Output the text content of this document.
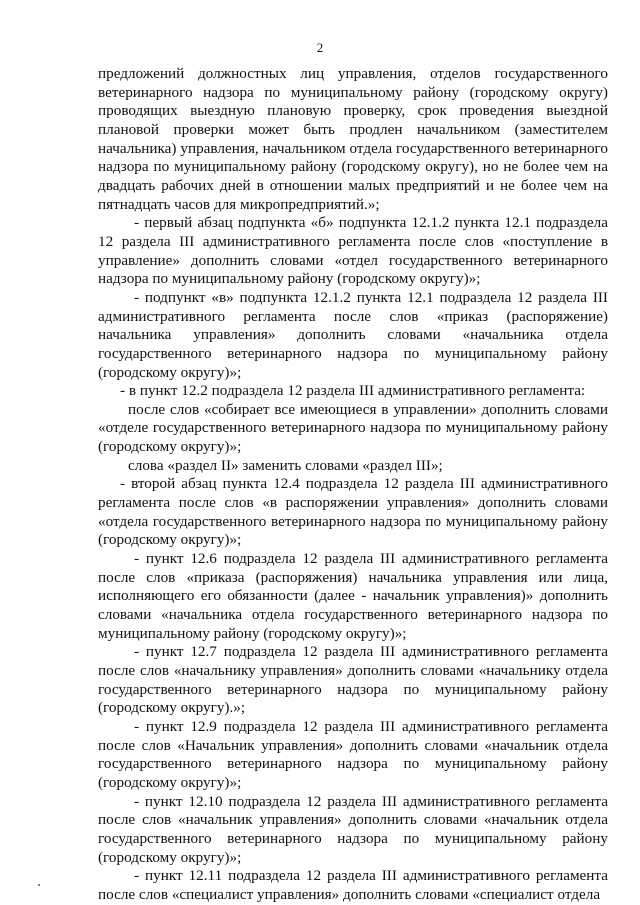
2

предложений должностных лиц управления, отделов государственного ветеринарного надзора по муниципальному району (городскому округу) проводящих выездную плановую проверку, срок проведения выездной плановой проверки может быть продлен начальником (заместителем начальника) управления, начальником отдела государственного ветеринарного надзора по муниципальному району (городскому округу), но не более чем на двадцать рабочих дней в отношении малых предприятий и не более чем на пятнадцать часов для микропредприятий.»;

- первый абзац подпункта «б» подпункта 12.1.2 пункта 12.1 подраздела 12 раздела III административного регламента после слов «поступление в управление» дополнить словами «отдел государственного ветеринарного надзора по муниципальному району (городскому округу)»;

- подпункт «в» подпункта 12.1.2 пункта 12.1 подраздела 12 раздела III административного регламента после слов «приказ (распоряжение) начальника управления» дополнить словами «начальника отдела государственного ветеринарного надзора по муниципальному району (городскому округу)»;

- в пункт 12.2 подраздела 12 раздела III административного регламента:

после слов «собирает все имеющиеся в управлении» дополнить словами «отделе государственного ветеринарного надзора по муниципальному району (городскому округу)»;

слова «раздел II» заменить словами «раздел III»;

- второй абзац пункта 12.4 подраздела 12 раздела III административного регламента после слов «в распоряжении управления» дополнить словами «отдела государственного ветеринарного надзора по муниципальному району (городскому округу)»;

- пункт 12.6 подраздела 12 раздела III административного регламента после слов «приказа (распоряжения) начальника управления или лица, исполняющего его обязанности (далее - начальник управления)» дополнить словами «начальника отдела государственного ветеринарного надзора по муниципальному району (городскому округу)»;

- пункт 12.7 подраздела 12 раздела III административного регламента после слов «начальнику управления» дополнить словами «начальнику отдела государственного ветеринарного надзора по муниципальному району (городскому округу).»;

- пункт 12.9 подраздела 12 раздела III административного регламента после слов «Начальник управления» дополнить словами «начальник отдела государственного ветеринарного надзора по муниципальному району (городскому округу)»;

- пункт 12.10 подраздела 12 раздела III административного регламента после слов «начальник управления» дополнить словами «начальник отдела государственного ветеринарного надзора по муниципальному району (городскому округу)»;

- пункт 12.11 подраздела 12 раздела III административного регламента после слов «специалист управления» дополнить словами «специалист отдела
